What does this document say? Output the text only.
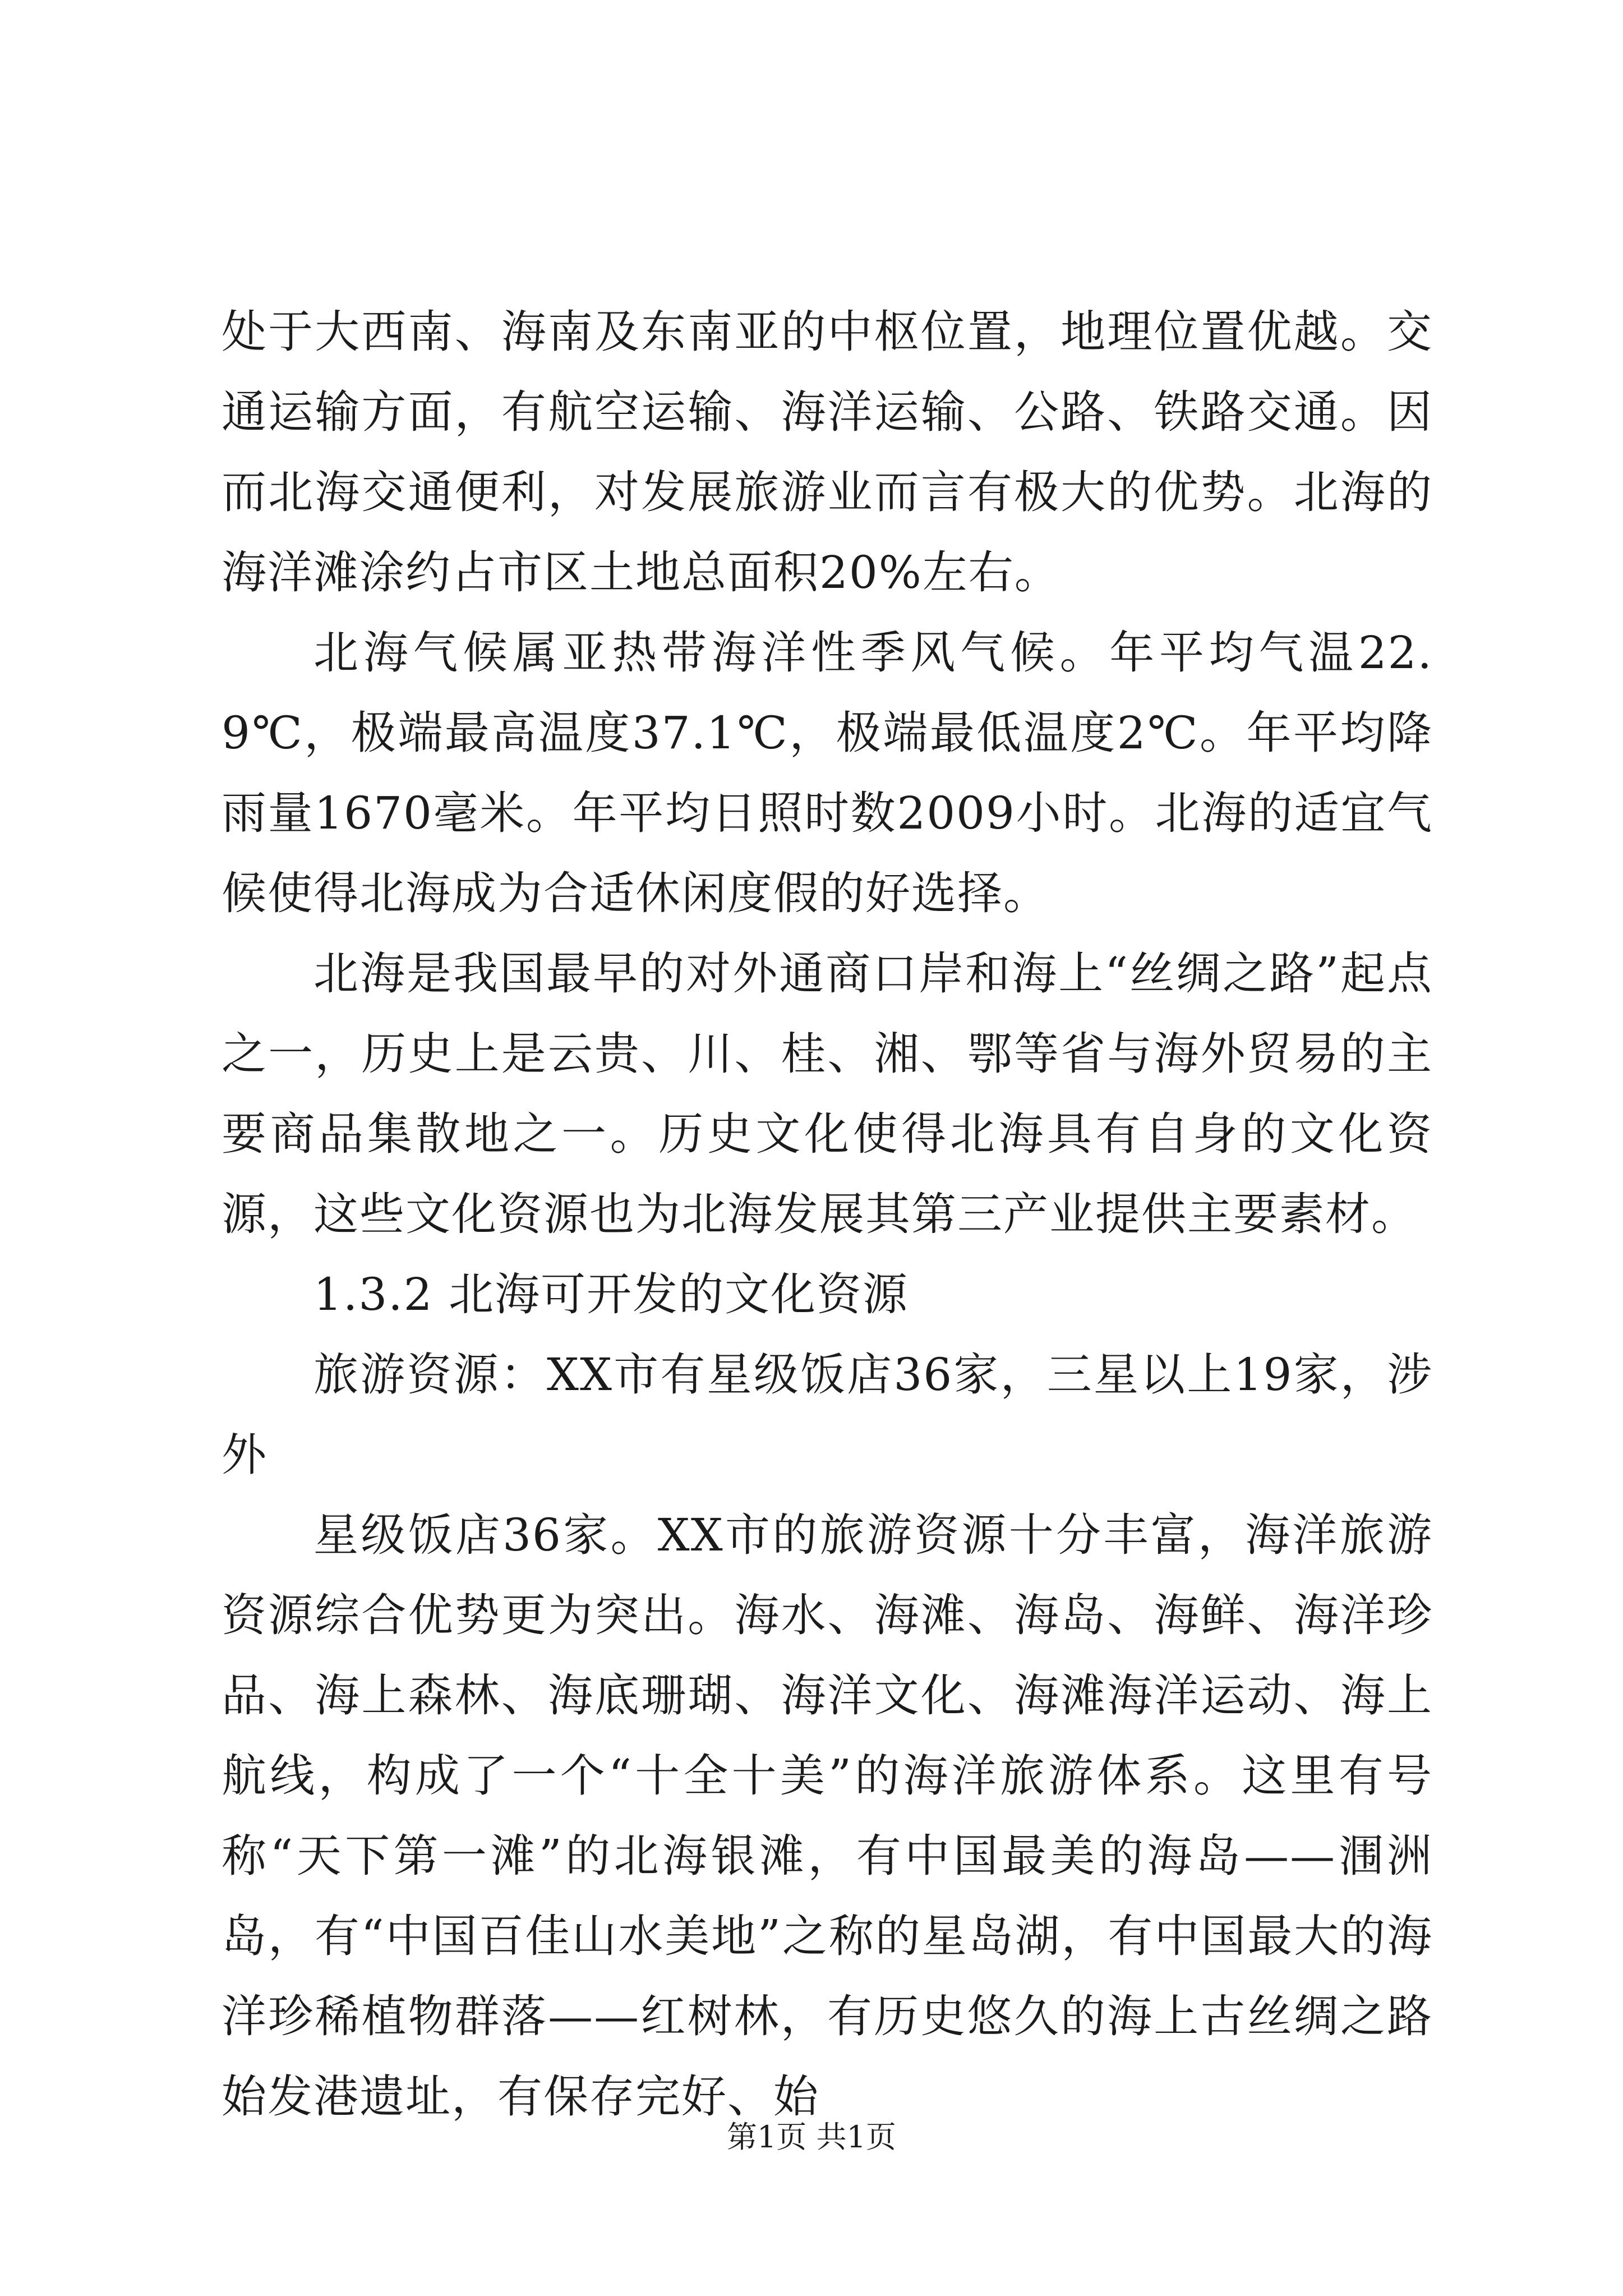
处于大西南、海南及东南亚的中枢位置，地理位置优越。交通运输方面，有航空运输、海洋运输、公路、铁路交通。因而北海交通便利，对发展旅游业而言有极大的优势。北海的海洋滩涂约占市区土地总面积20%左右。

北海气候属亚热带海洋性季风气候。年平均气温22.9℃，极端最高温度37.1℃，极端最低温度2℃。年平均降雨量1670毫米。年平均日照时数2009小时。北海的适宜气候使得北海成为合适休闲度假的好选择。

北海是我国最早的对外通商口岸和海上“丝绸之路”起点之一，历史上是云贵、川、桂、湘、鄂等省与海外贸易的主要商品集散地之一。历史文化使得北海具有自身的文化资源，这些文化资源也为北海发展其第三产业提供主要素材。

1.3.2 北海可开发的文化资源

旅游资源：XX市有星级饭店36家，三星以上19家，涉外

星级饭店36家。XX市的旅游资源十分丰富，海洋旅游资源综合优势更为突出。海水、海滩、海岛、海鲜、海洋珍品、海上森林、海底珊瑚、海洋文化、海滩海洋运动、海上航线，构成了一个“十全十美”的海洋旅游体系。这里有号称“天下第一滩”的北海银滩，有中国最美的海岛——涠洲岛，有“中国百佳山水美地”之称的星岛湖，有中国最大的海洋珍稀植物群落——红树林，有历史悠久的海上古丝绸之路始发港遗址，有保存完好、始

第1页 共1页
